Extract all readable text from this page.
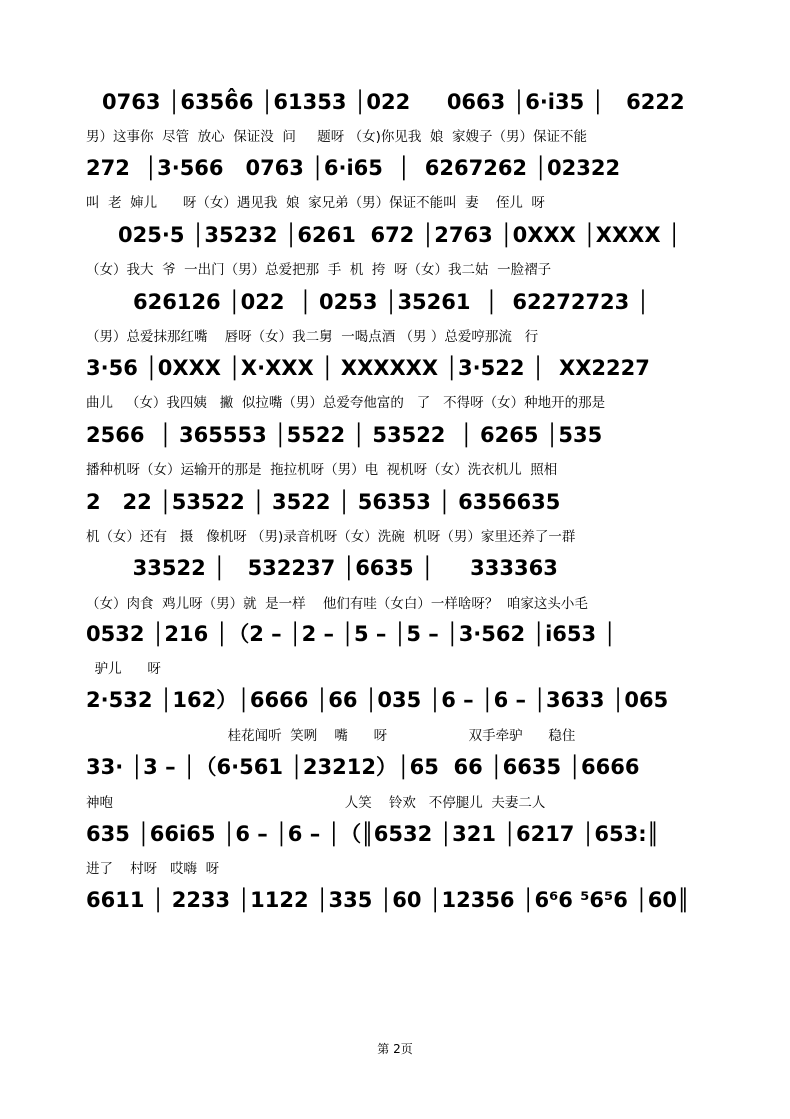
0763 │6356̂6 │61353 │022     0663 │6·i35 │   6222
男）这事你  尽管  放心  保证没  问     题呀 （女)你见我  娘  家嫂子（男）保证不能
272  │3·566   0763 │6·i65  │  6267262 │02322
叫  老  婶儿      呀（女）遇见我  娘  家兄弟（男）保证不能叫  妻    侄儿  呀
025·5 │35232 │6261  672 │2763 │0XXX │XXXX │
（女）我大  爷  一出门（男）总爱把那  手  机  挎  呀（女）我二姑  一脸褶子
626126 │022  │ 0253 │35261  │  62272723 │
（男）总爱抹那红嘴    唇呀（女）我二舅  一喝点酒 （男 ）总爱哼那流   行
3·56 │0XXX │X·XXX │ XXXXXX │3·522 │  XX2227
曲儿   （女）我四姨   撇  似拉嘴（男）总爱夸他富的   了   不得呀（女）种地开的那是
2566  │ 365553 │5522 │ 53522  │ 6265 │535
播种机呀（女）运输开的那是  拖拉机呀（男）电  视机呀（女）洗衣机儿  照相
2   22 │53522 │ 3522 │ 56353 │ 6356635
机（女）还有   摄   像机呀 （男)录音机呀（女）洗碗  机呀（男）家里还养了一群
33522 │   532237 │6635 │     333363
（女）肉食  鸡儿呀（男）就  是一样    他们有哇（女白）一样啥呀？  咱家这头小毛
0532 │216 │（2 – │2 – │5 – │5 – │3·562 │i653 │
驴儿      呀
2·532 │162）│6666 │66 │035 │6 – │6 – │3633 │065
桂花闻听  笑咧    嘴      呀                   双手牵驴      稳住
33· │3 – │（6·561 │23212）│65  66 │6635 │6666
神咆                                                      人笑    铃欢   不停腿儿  夫妻二人
635 │66i65 │6 – │6 – │（║6532 │321 │6217 │653:║
进了    村呀   哎嗨  呀
6611 │ 2233 │1122 │335 │60 │12356 │6⁶6 ⁵6⁵6 │60║
第 2页
